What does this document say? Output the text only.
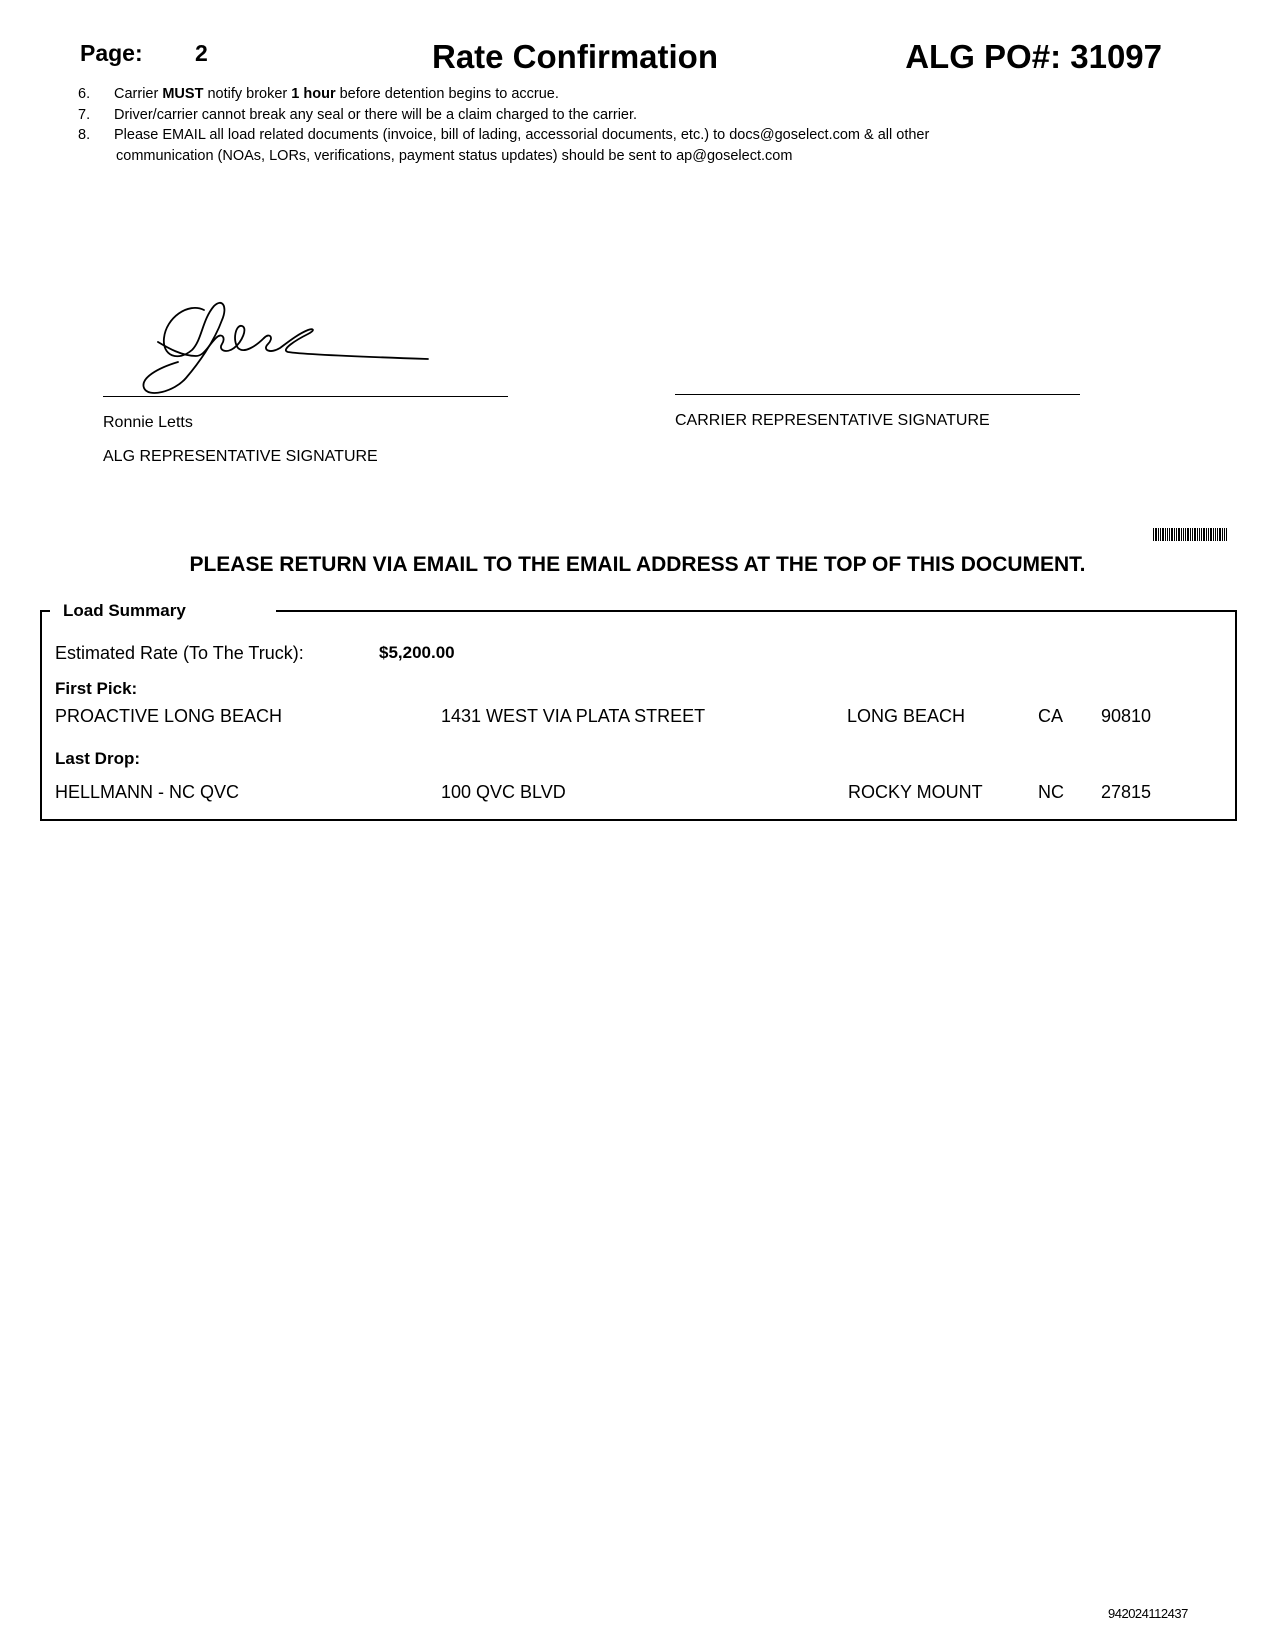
Page: 2	Rate Confirmation	ALG PO#: 31097
6. Carrier MUST notify broker 1 hour before detention begins to accrue.
7. Driver/carrier cannot break any seal or there will be a claim charged to the carrier.
8. Please EMAIL all load related documents (invoice, bill of lading, accessorial documents, etc.) to docs@goselect.com & all other
communication (NOAs, LORs, verifications, payment status updates) should be sent to ap@goselect.com
Ronnie Letts
ALG REPRESENTATIVE SIGNATURE
CARRIER REPRESENTATIVE SIGNATURE
PLEASE RETURN VIA EMAIL TO THE EMAIL ADDRESS AT THE TOP OF THIS DOCUMENT.
Load Summary
Estimated Rate (To The Truck):	$5,200.00
First Pick:
PROACTIVE LONG BEACH	1431 WEST VIA PLATA STREET	LONG BEACH	CA 90810
Last Drop:
HELLMANN - NC QVC	100 QVC BLVD	ROCKY MOUNT	NC 27815
942024112437
